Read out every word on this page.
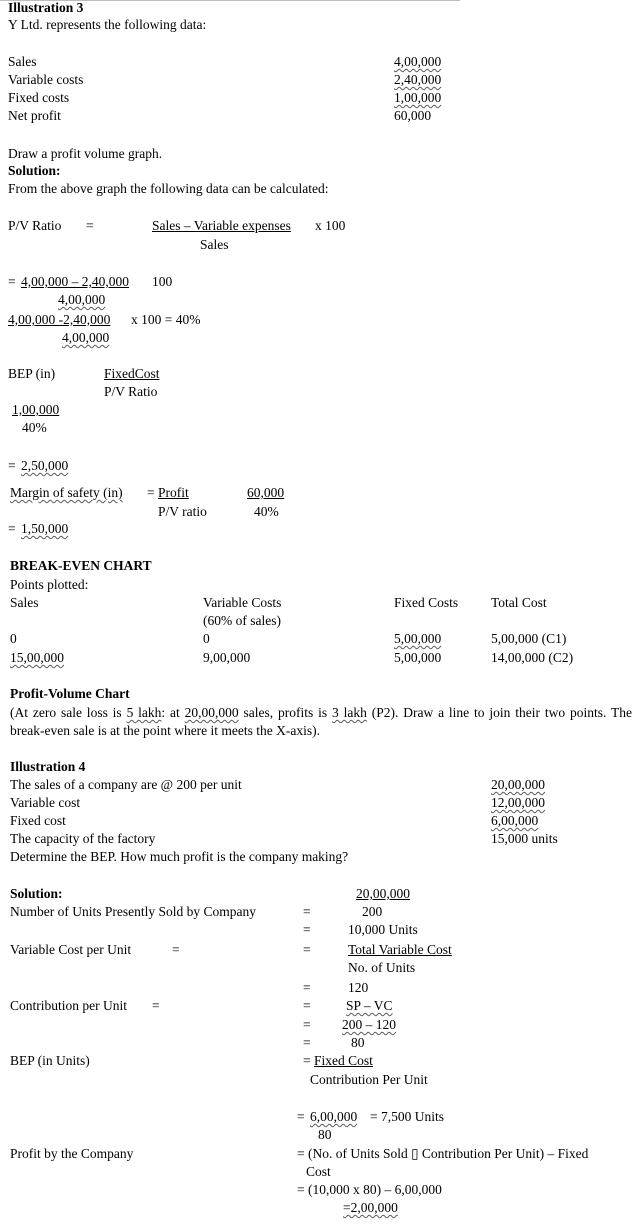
Illustration 3
Y Ltd. represents the following data:
Sales	4,00,000
Variable costs	2,40,000
Fixed costs	1,00,000
Net profit	60,000
Draw a profit volume graph.
Solution:
From the above graph the following data can be calculated:
P/V Ratio =	Sales – Variable expenses x 100
Sales
= 4,00,000 – 2,40,000 100
4,00,000
4,00,000 -2,40,000 x 100 = 40%
4,00,000
BEP (in)	FixedCost
P/V Ratio
1,00,000
40%
= 2,50,000
Margin of safety (in) = Profit
P/V ratio
60,000
40%
= 1,50,000
BREAK-EVEN CHART
Points plotted:
Sales	Variable Costs	Fixed Costs Total Cost
(60% of sales)
0	0	5,00,000	5,00,000 (C1)
15,00,000	9,00,000	5,00,000	14,00,000 (C2)
Profit-Volume Chart
(At zero sale loss is 5 lakh: at 20,00,000 sales, profits is 3 lakh (P2). Draw a line to join their two points. The break-even sale is at the point where it meets the X-axis).
Illustration 4
The sales of a company are @ 200 per unit	20,00,000
Variable cost	12,00,000
Fixed cost	6,00,000
The capacity of the factory	15,000 units
Determine the BEP. How much profit is the company making?
Solution:	20,00,000
Number of Units Presently Sold by Company	=	200
=	10,000 Units
Variable Cost per Unit	=	=	Total Variable Cost
No. of Units
=	120
Contribution per Unit =	=	SP – VC
= 200 – 120
=	80
BEP (in Units)	= Fixed Cost
Contribution Per Unit
= 6,00,000 = 7,500 Units
80
Profit by the Company	= (No. of Units Sold ▯ Contribution Per Unit) – Fixed
Cost
= (10,000 x 80) – 6,00,000
=2,00,000
